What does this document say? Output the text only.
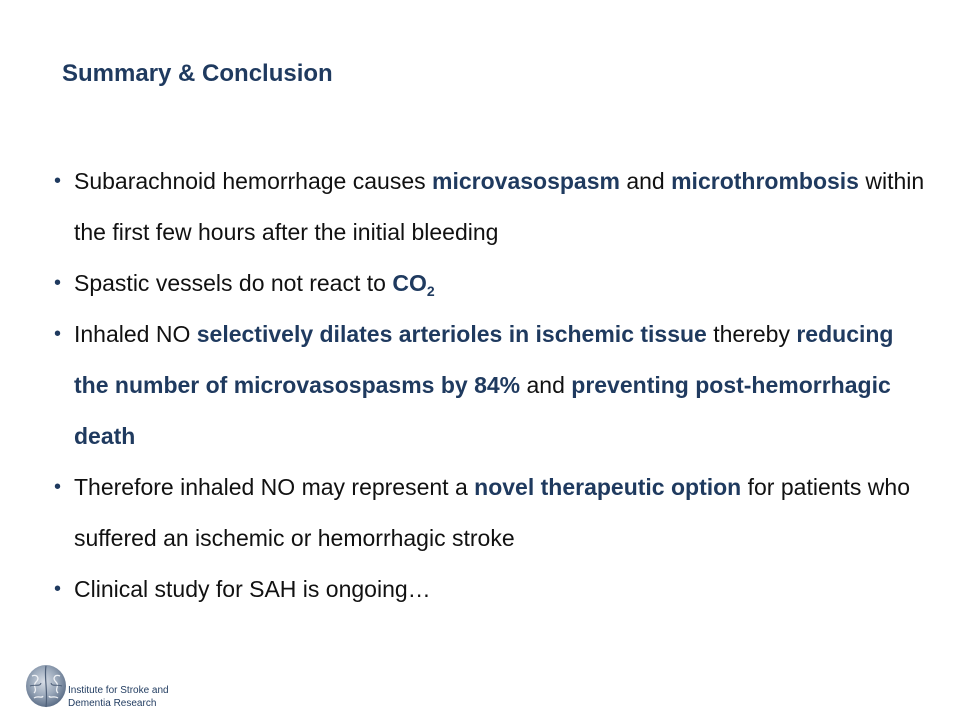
Summary & Conclusion
• Subarachnoid hemorrhage causes microvasospasm and microthrombosis within the first few hours after the initial bleeding
• Spastic vessels do not react to $CO_2$
• Inhaled NO selectively dilates arterioles in ischemic tissue thereby reducing the number of microvasospasms by 84% and preventing post-hemorrhagic death
• Therefore inhaled NO may represent a novel therapeutic option for patients who suffered an ischemic or hemorrhagic stroke
• Clinical study for SAH is ongoing…
Institute for Stroke and
Dementia Research
